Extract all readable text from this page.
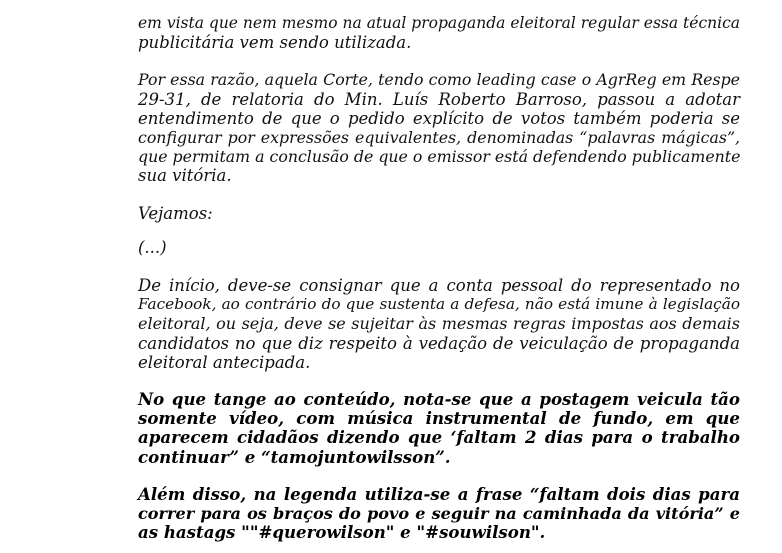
em vista que nem mesmo na atual propaganda eleitoral regular essa técnica
publicitária vem sendo utilizada.
Por essa razão, aquela Corte, tendo como leading case o AgrReg em Respe
29-31, de relatoria do Min. Luís Roberto Barroso, passou a adotar
entendimento de que o pedido explícito de votos também poderia se
configurar por expressões equivalentes, denominadas “palavras mágicas”,
que permitam a conclusão de que o emissor está defendendo publicamente
sua vitória.
Vejamos:
(...)
De início, deve-se consignar que a conta pessoal do representado no
Facebook, ao contrário do que sustenta a defesa, não está imune à legislação
eleitoral, ou seja, deve se sujeitar às mesmas regras impostas aos demais
candidatos no que diz respeito à vedação de veiculação de propaganda
eleitoral antecipada.
No que tange ao conteúdo, nota-se que a postagem veicula tão
somente vídeo, com música instrumental de fundo, em que
aparecem cidadãos dizendo que ‘faltam 2 dias para o trabalho
continuar” e “tamojuntowilsson”.
Além disso, na legenda utiliza-se a frase “faltam dois dias para
correr para os braços do povo e seguir na caminhada da vitória” e
as hastags ""#querowilson" e "#souwilson".
